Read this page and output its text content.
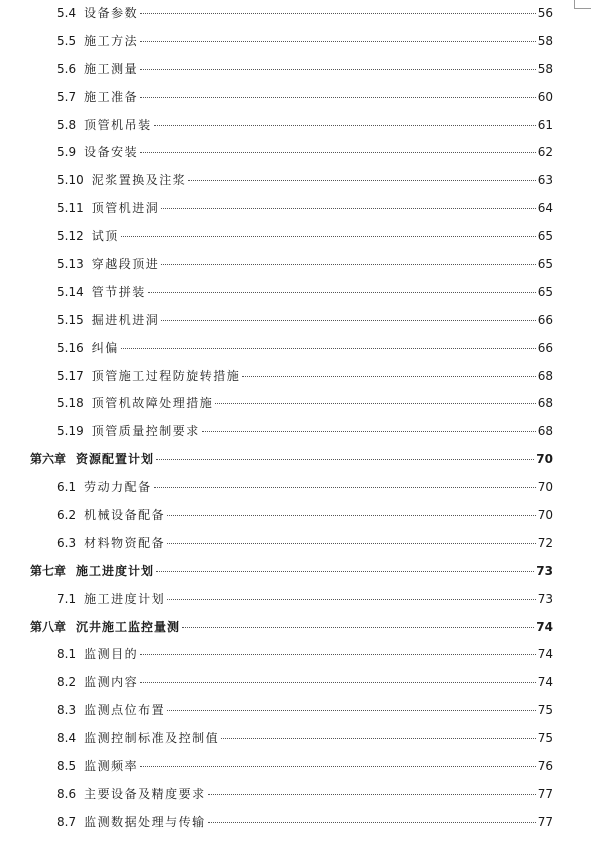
5.4 设备参数	56
5.5 施工方法	58
5.6 施工测量	58
5.7 施工准备	60
5.8 顶管机吊装	61
5.9 设备安装	62
5.10 泥浆置换及注浆	63
5.11 顶管机进洞	64
5.12 试顶	65
5.13 穿越段顶进	65
5.14 管节拼装	65
5.15 掘进机进洞	66
5.16 纠偏	66
5.17 顶管施工过程防旋转措施	68
5.18 顶管机故障处理措施	68
5.19 顶管质量控制要求	68
第六章 资源配置计划	70
6.1 劳动力配备	70
6.2 机械设备配备	70
6.3 材料物资配备	72
第七章 施工进度计划	73
7.1 施工进度计划	73
第八章 沉井施工监控量测	74
8.1 监测目的	74
8.2 监测内容	74
8.3 监测点位布置	75
8.4 监测控制标准及控制值	75
8.5 监测频率	76
8.6 主要设备及精度要求	77
8.7 监测数据处理与传输	77
